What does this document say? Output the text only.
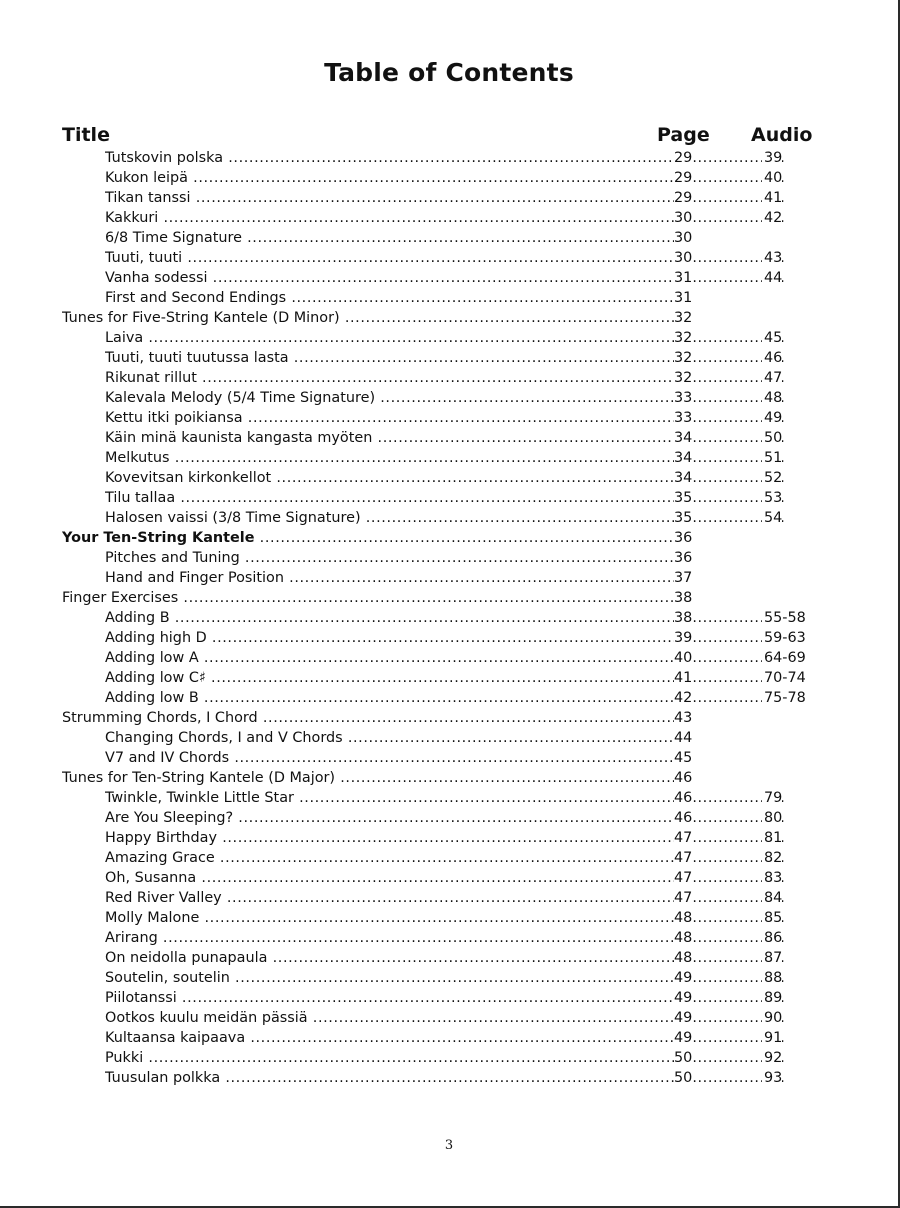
Table of Contents
Title	Page Audio
Tutskovin polska .....	29 .....	39
Kukon leipä .....	29 .....	40
Tikan tanssi .....	29 .....	41
Kakkuri .....	30 .....	42
6/8 Time Signature .....	30
Tuuti, tuuti .....	30 .....	43
Vanha sodessi .....	31 .....	44
First and Second Endings .....	31
Tunes for Five-String Kantele (D Minor) .....	32
Laiva .....	32 .....	45
Tuuti, tuuti tuutussa lasta .....	32 .....	46
Rikunat rillut .....	32 .....	47
Kalevala Melody (5/4 Time Signature) .....	33 .....	48
Kettu itki poikiansa .....	33 .....	49
Käin minä kaunista kangasta myöten .....	34 .....	50
Melkutus .....	34 .....	51
Kovevitsan kirkonkellot .....	34 .....	52
Tilu tallaa .....	35 .....	53
Halosen vaissi (3/8 Time Signature) .....	35 .....	54
Your Ten-String Kantele .....	36
Pitches and Tuning .....	36
Hand and Finger Position .....	37
Finger Exercises .....	38
Adding B .....	38 .....	55-58
Adding high D .....	39 .....	59-63
Adding low A .....	40 .....	64-69
Adding low C♯ .....	41 .....	70-74
Adding low B .....	42 .....	75-78
Strumming Chords, I Chord .....	43
Changing Chords, I and V Chords .....	44
V7 and IV Chords .....	45
Tunes for Ten-String Kantele (D Major) .....	46
Twinkle, Twinkle Little Star .....	46 .....	79
Are You Sleeping? .....	46 .....	80
Happy Birthday .....	47 .....	81
Amazing Grace .....	47 .....	82
Oh, Susanna .....	47 .....	83
Red River Valley .....	47 .....	84
Molly Malone .....	48 .....	85
Arirang .....	48 .....	86
On neidolla punapaula .....	48 .....	87
Soutelin, soutelin .....	49 .....	88
Piilotanssi .....	49 .....	89
Ootkos kuulu meidän pässiä .....	49 .....	90
Kultaansa kaipaava .....	49 .....	91
Pukki .....	50 .....	92
Tuusulan polkka .....	50 .....	93
3
